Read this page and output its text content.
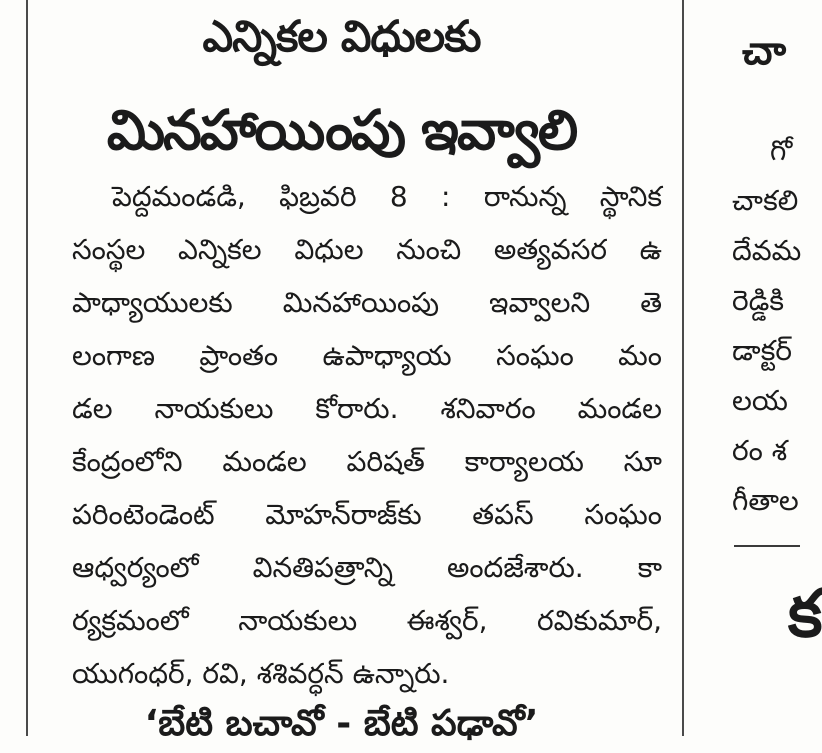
ఎన్నికల విధులకు
మినహాయింపు ఇవ్వాలి
పెద్దమండడి, ఫిబ్రవరి 8 : రానున్న స్థానిక
సంస్థల ఎన్నికల విధుల నుంచి అత్యవసర ఉ
పాధ్యాయులకు మినహాయింపు ఇవ్వాలని తె
లంగాణ ప్రాంతం ఉపాధ్యాయ సంఘం మం
డల నాయకులు కోరారు. శనివారం మండల
కేంద్రంలోని మండల పరిషత్ కార్యాలయ సూ
పరింటెండెంట్ మోహన్‌రాజ్‌కు తపస్ సంఘం
ఆధ్వర్యంలో వినతిపత్రాన్ని అందజేశారు. కా
ర్యక్రమంలో నాయకులు ఈశ్వర్, రవికుమార్,
యుగంధర్, రవి, శశివర్ధన్ ఉన్నారు.
‘బేటి బచావో - బేటి పఢావో’
చా
గో
చాకలి
దేవమ
రెడ్డికి
డాక్టర్
లయ
రం శ
గీతాల
క
